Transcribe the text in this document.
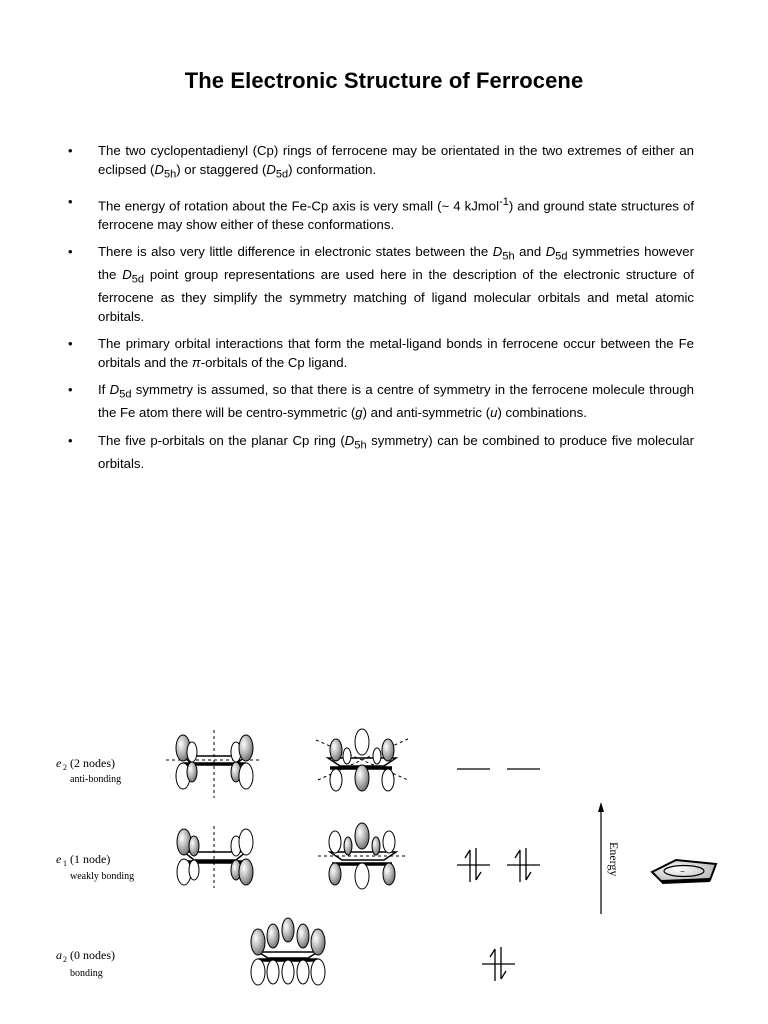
The Electronic Structure of Ferrocene
• The two cyclopentadienyl (Cp) rings of ferrocene may be orientated in the two extremes of either an eclipsed $(D_{5h})$ or staggered $(D_{5d})$ conformation.
• The energy of rotation about the Fe-Cp axis is very small (~ 4 kJmol$^{-1}$) and ground state structures of ferrocene may show either of these conformations.
• There is also very little difference in electronic states between the $D_{5h}$ and $D_{5d}$ symmetries however the $D_{5d}$ point group representations are used here in the description of the electronic structure of ferrocene as they simplify the symmetry matching of ligand molecular orbitals and metal atomic orbitals.
• The primary orbital interactions that form the metal-ligand bonds in ferrocene occur between the Fe orbitals and the π-orbitals of the Cp ligand.
• If $D_{5d}$ symmetry is assumed, so that there is a centre of symmetry in the ferrocene molecule through the Fe atom there will be centro-symmetric (g) and anti-symmetric (u) combinations.
• The five p-orbitals on the planar Cp ring ($D_{5h}$ symmetry) can be combined to produce five molecular orbitals.
e 2 (2 nodes)
anti-bonding
e 1 (1 node)
weakly bonding
a 2 (0 nodes)
bonding
Energy	−
